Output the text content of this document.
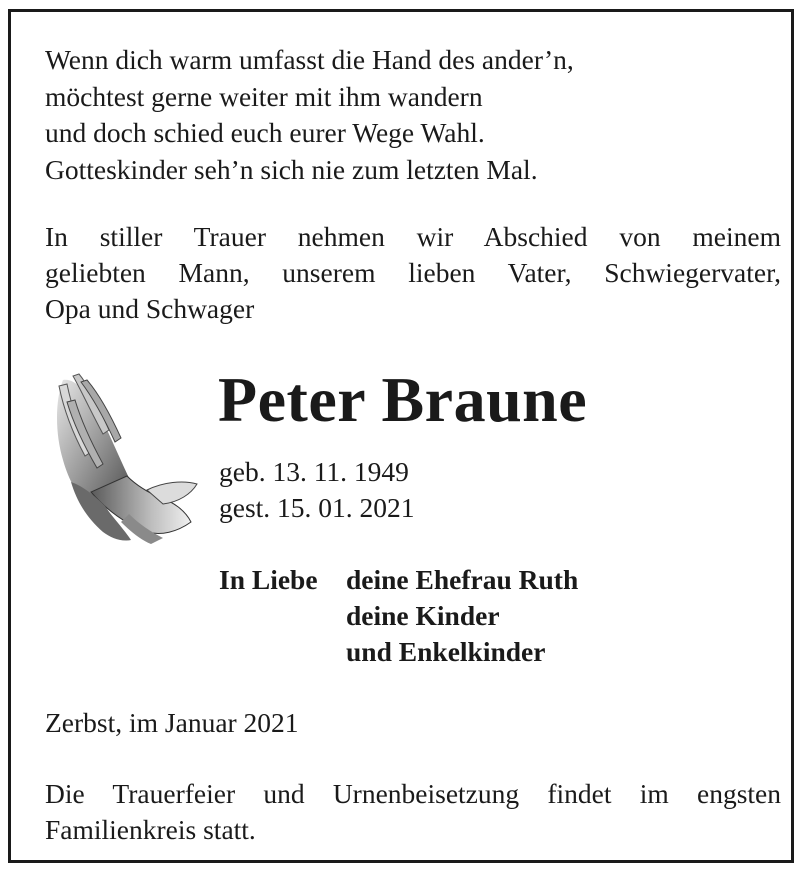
Wenn dich warm umfasst die Hand des ander’n,
möchtest gerne weiter mit ihm wandern
und doch schied euch eurer Wege Wahl.
Gotteskinder seh’n sich nie zum letzten Mal.
In stiller Trauer nehmen wir Abschied von meinem
geliebten Mann, unserem lieben Vater, Schwiegervater,
Opa und Schwager
Peter Braune
geb. 13. 11. 1949
gest. 15. 01. 2021
In Liebe deine Ehefrau Ruth
deine Kinder
und Enkelkinder
Zerbst, im Januar 2021
Die Trauerfeier und Urnenbeisetzung findet im engsten
Familienkreis statt.
